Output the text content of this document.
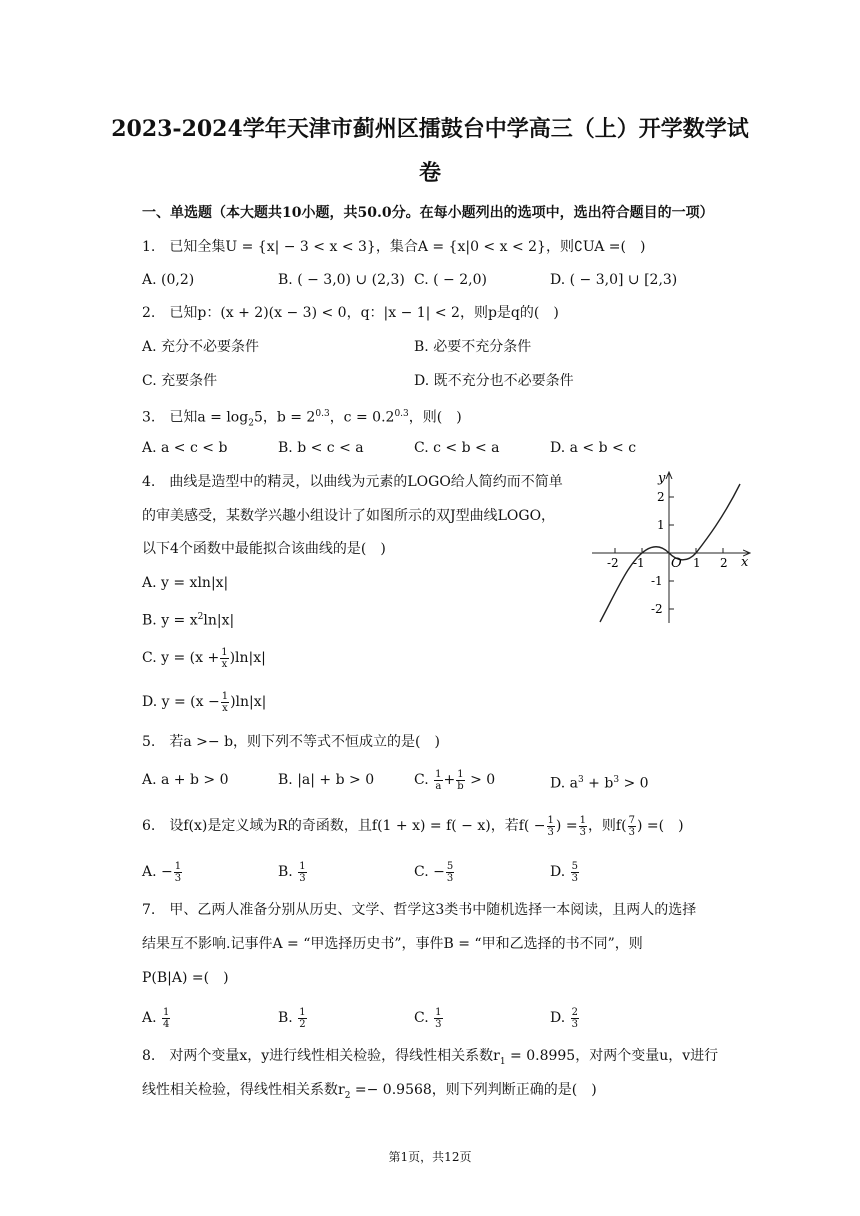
2023-2024学年天津市蓟州区擂鼓台中学高三（上）开学数学试
卷
一、单选题（本大题共10小题，共50.0分。在每小题列出的选项中，选出符合题目的一项）
1.　已知全集U = {x| − 3 < x < 3}，集合A = {x|0 < x < 2}，则∁UA =(　)
A. (0,2)	B. ( − 3,0) ∪ (2,3) C. ( − 2,0)	D. ( − 3,0] ∪ [2,3)
2.　已知p：(x + 2)(x − 3) < 0，q：|x − 1| < 2，则p是q的(　)
A. 充分不必要条件	B. 必要不充分条件
C. 充要条件	D. 既不充分也不必要条件
3.　已知$a = \log_25$，$b = 2^{0.3}$，$c = 0.2^{0.3}$，则(　)
A. a < c < b	B. b < c < a	C. c < b < a	D. a < b < c
4.　曲线是造型中的精灵，以曲线为元素的LOGO给人简约而不简单
的审美感受，某数学兴趣小组设计了如图所示的双J型曲线LOGO，
以下4个函数中最能拟合该曲线的是(　)
A. y = xln|x|
B. $y = x^2\ln|x|$
C. $y = (x + \frac{1}{x} )\ln|x|$
D. $y = (x - \frac{1}{x} )\ln|x|$
y
x
O
2
1
-1
-2
-2 -1	1 2
5.　若a >− b，则下列不等式不恒成立的是(　)
A. a + b > 0	B. |a| + b > 0	C. $\frac{1}{a} + \frac{1}{b} > 0$	D. $a^3 + b^3 > 0$
6.　设f(x)是定义域为R的奇函数，且f(1 + x) = f( − x)，若$f( - \frac{1}{3}$ ) = $\frac{1}{3}$ ，则$f( \frac{7}{3}$ ) =(　)
A. − $\frac{1}{3}$	B. $\frac{1}{3}$	C. − $\frac{5}{3}$	D. $\frac{5}{3}$
7.　甲、乙两人准备分别从历史、文学、哲学这3类书中随机选择一本阅读，且两人的选择
结果互不影响.记事件A = “甲选择历史书”，事件B = “甲和乙选择的书不同”，则
P(B|A) =(　)
A. $\frac{1}{4}$	B. $\frac{1}{2}$	C. $\frac{1}{3}$	D. $\frac{2}{3}$
8.　对两个变量x，y进行线性相关检验，得线性相关系数$r_1 = 0.8995$，对两个变量u，v进行
线性相关检验，得线性相关系数$r_2 =- 0.9568$，则下列判断正确的是(　)
第1页，共12页
